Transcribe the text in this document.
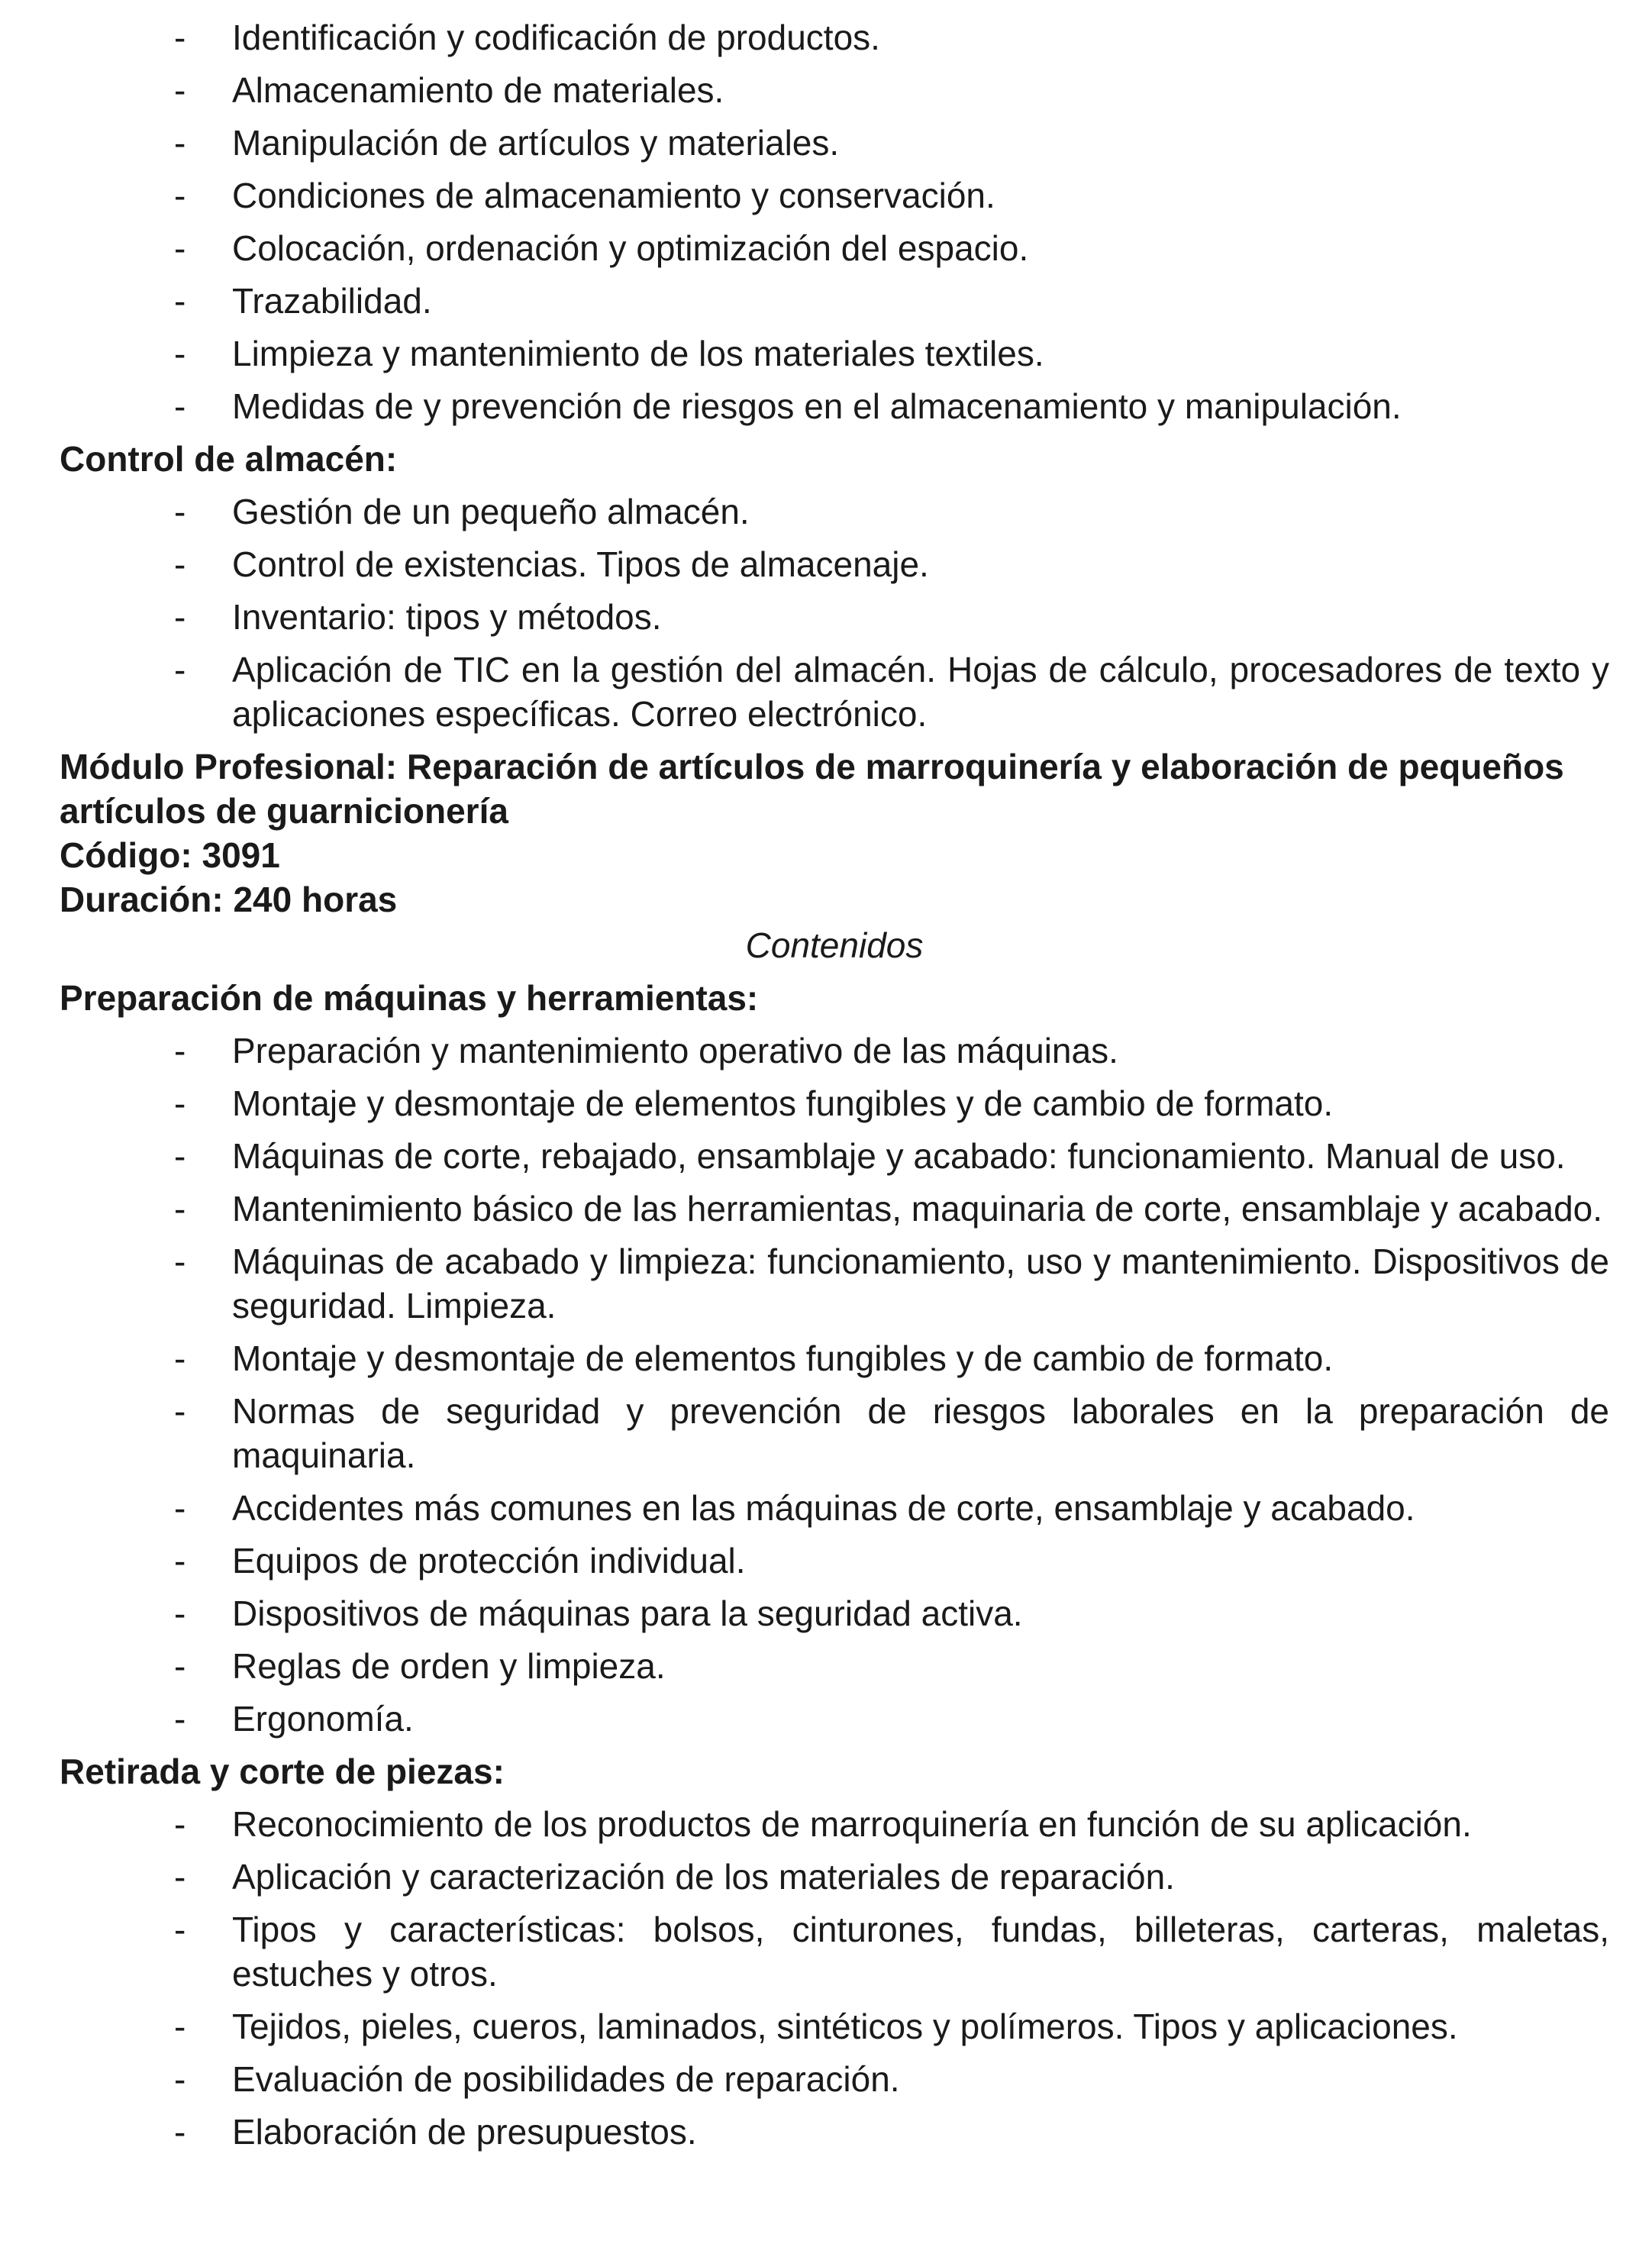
- Identificación y codificación de productos.
- Almacenamiento de materiales.
- Manipulación de artículos y materiales.
- Condiciones de almacenamiento y conservación.
- Colocación, ordenación y optimización del espacio.
- Trazabilidad.
- Limpieza y mantenimiento de los materiales textiles.
- Medidas de y prevención de riesgos en el almacenamiento y manipulación.
Control de almacén:
- Gestión de un pequeño almacén.
- Control de existencias. Tipos de almacenaje.
- Inventario: tipos y métodos.
- Aplicación de TIC en la gestión del almacén. Hojas de cálculo, procesadores de texto y aplicaciones específicas. Correo electrónico.
Módulo Profesional: Reparación de artículos de marroquinería y elaboración de pequeños artículos de guarnicionería
Código: 3091
Duración: 240 horas
Contenidos
Preparación de máquinas y herramientas:
- Preparación y mantenimiento operativo de las máquinas.
- Montaje y desmontaje de elementos fungibles y de cambio de formato.
- Máquinas de corte, rebajado, ensamblaje y acabado: funcionamiento. Manual de uso.
- Mantenimiento básico de las herramientas, maquinaria de corte, ensamblaje y acabado.
- Máquinas de acabado y limpieza: funcionamiento, uso y mantenimiento. Dispositivos de seguridad. Limpieza.
- Montaje y desmontaje de elementos fungibles y de cambio de formato.
- Normas de seguridad y prevención de riesgos laborales en la preparación de maquinaria.
- Accidentes más comunes en las máquinas de corte, ensamblaje y acabado.
- Equipos de protección individual.
- Dispositivos de máquinas para la seguridad activa.
- Reglas de orden y limpieza.
- Ergonomía.
Retirada y corte de piezas:
- Reconocimiento de los productos de marroquinería en función de su aplicación.
- Aplicación y caracterización de los materiales de reparación.
- Tipos y características: bolsos, cinturones, fundas, billeteras, carteras, maletas, estuches y otros.
- Tejidos, pieles, cueros, laminados, sintéticos y polímeros. Tipos y aplicaciones.
- Evaluación de posibilidades de reparación.
- Elaboración de presupuestos.
